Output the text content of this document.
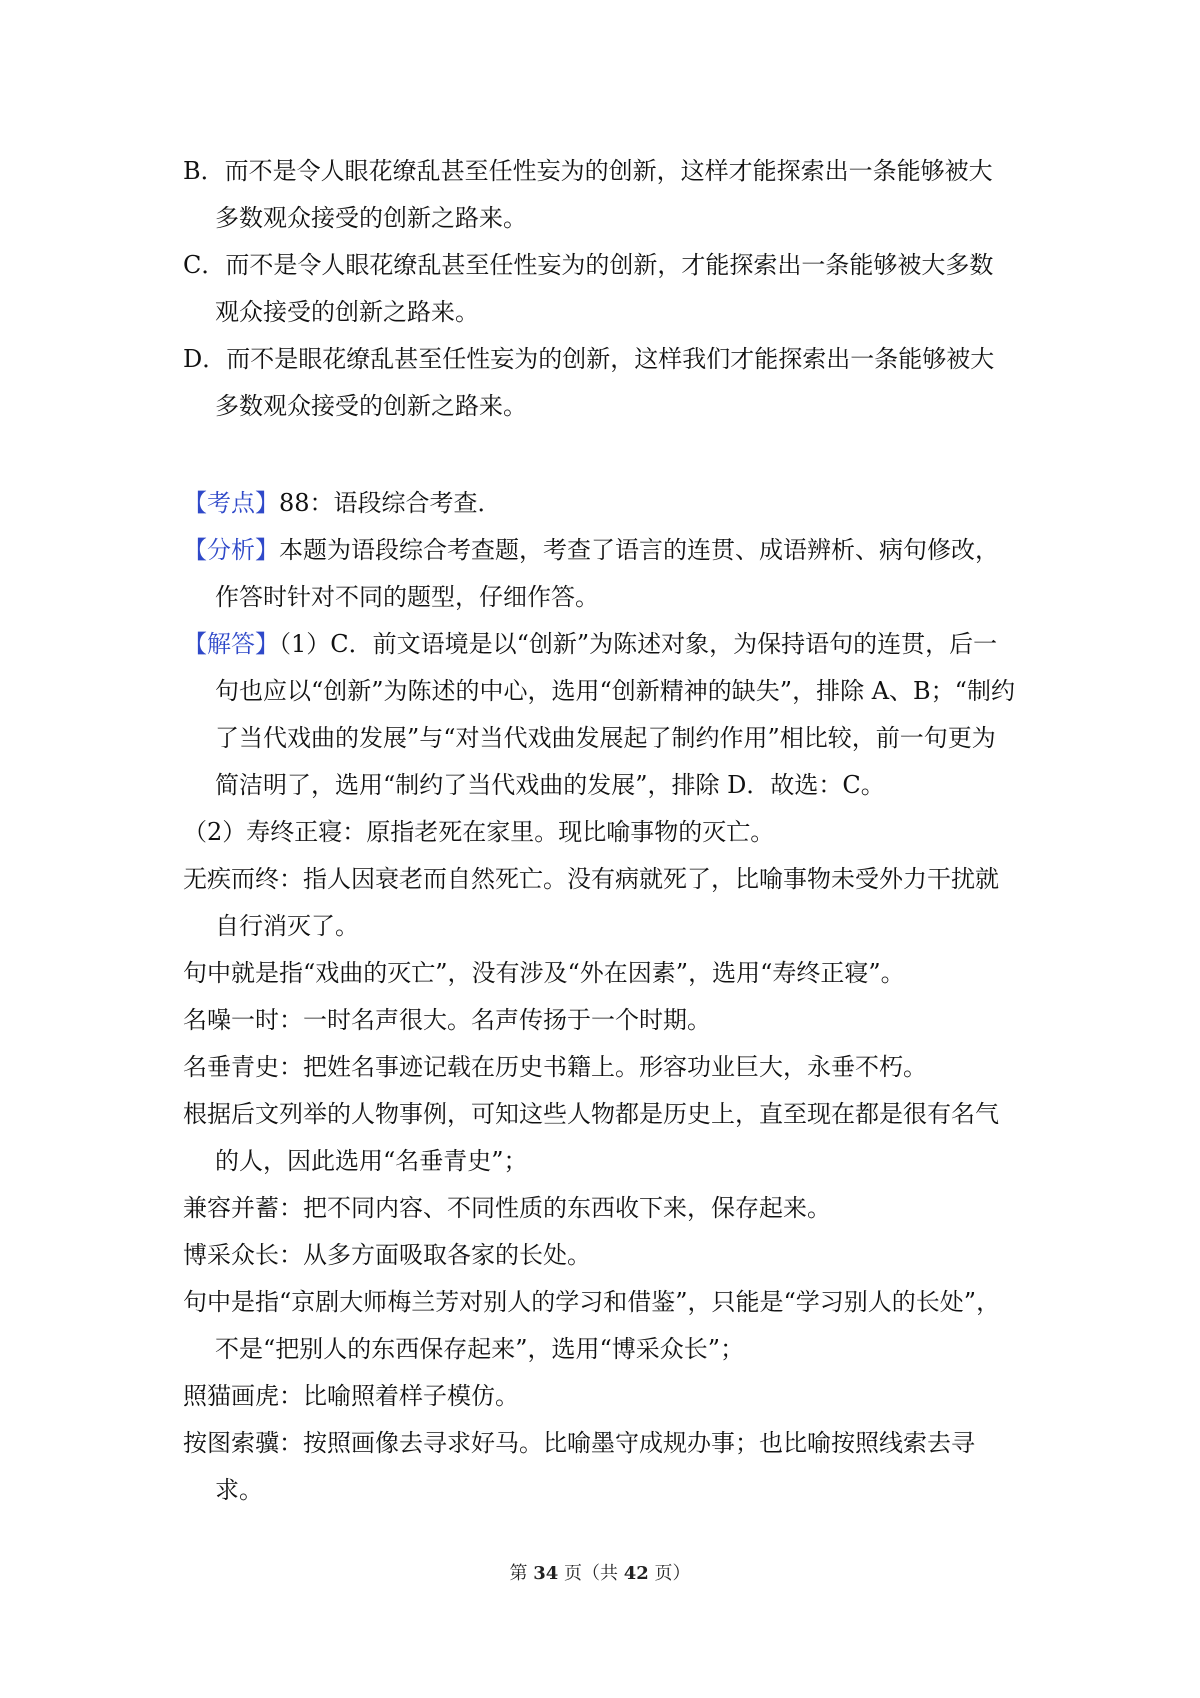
B．而不是令人眼花缭乱甚至任性妄为的创新，这样才能探索出一条能够被大

多数观众接受的创新之路来。

C．而不是令人眼花缭乱甚至任性妄为的创新，才能探索出一条能够被大多数

观众接受的创新之路来。

D．而不是眼花缭乱甚至任性妄为的创新，这样我们才能探索出一条能够被大

多数观众接受的创新之路来。

【考点】88：语段综合考查．

【分析】本题为语段综合考查题，考查了语言的连贯、成语辨析、病句修改，

作答时针对不同的题型，仔细作答。

【解答】（1）C．前文语境是以“创新”为陈述对象，为保持语句的连贯，后一

句也应以“创新”为陈述的中心，选用“创新精神的缺失”，排除 A、B；“制约

了当代戏曲的发展”与“对当代戏曲发展起了制约作用”相比较，前一句更为

简洁明了，选用“制约了当代戏曲的发展”，排除 D．故选：C。

（2）寿终正寝：原指老死在家里。现比喻事物的灭亡。

无疾而终：指人因衰老而自然死亡。没有病就死了，比喻事物未受外力干扰就

自行消灭了。

句中就是指“戏曲的灭亡”，没有涉及“外在因素”，选用“寿终正寝”。

名噪一时：一时名声很大。名声传扬于一个时期。

名垂青史：把姓名事迹记载在历史书籍上。形容功业巨大，永垂不朽。

根据后文列举的人物事例，可知这些人物都是历史上，直至现在都是很有名气

的人，因此选用“名垂青史”；

兼容并蓄：把不同内容、不同性质的东西收下来，保存起来。

博采众长：从多方面吸取各家的长处。

句中是指“京剧大师梅兰芳对别人的学习和借鉴”，只能是“学习别人的长处”，

不是“把别人的东西保存起来”，选用“博采众长”；

照猫画虎：比喻照着样子模仿。

按图索骥：按照画像去寻求好马。比喻墨守成规办事；也比喻按照线索去寻

求。

第 34 页（共 42 页）
